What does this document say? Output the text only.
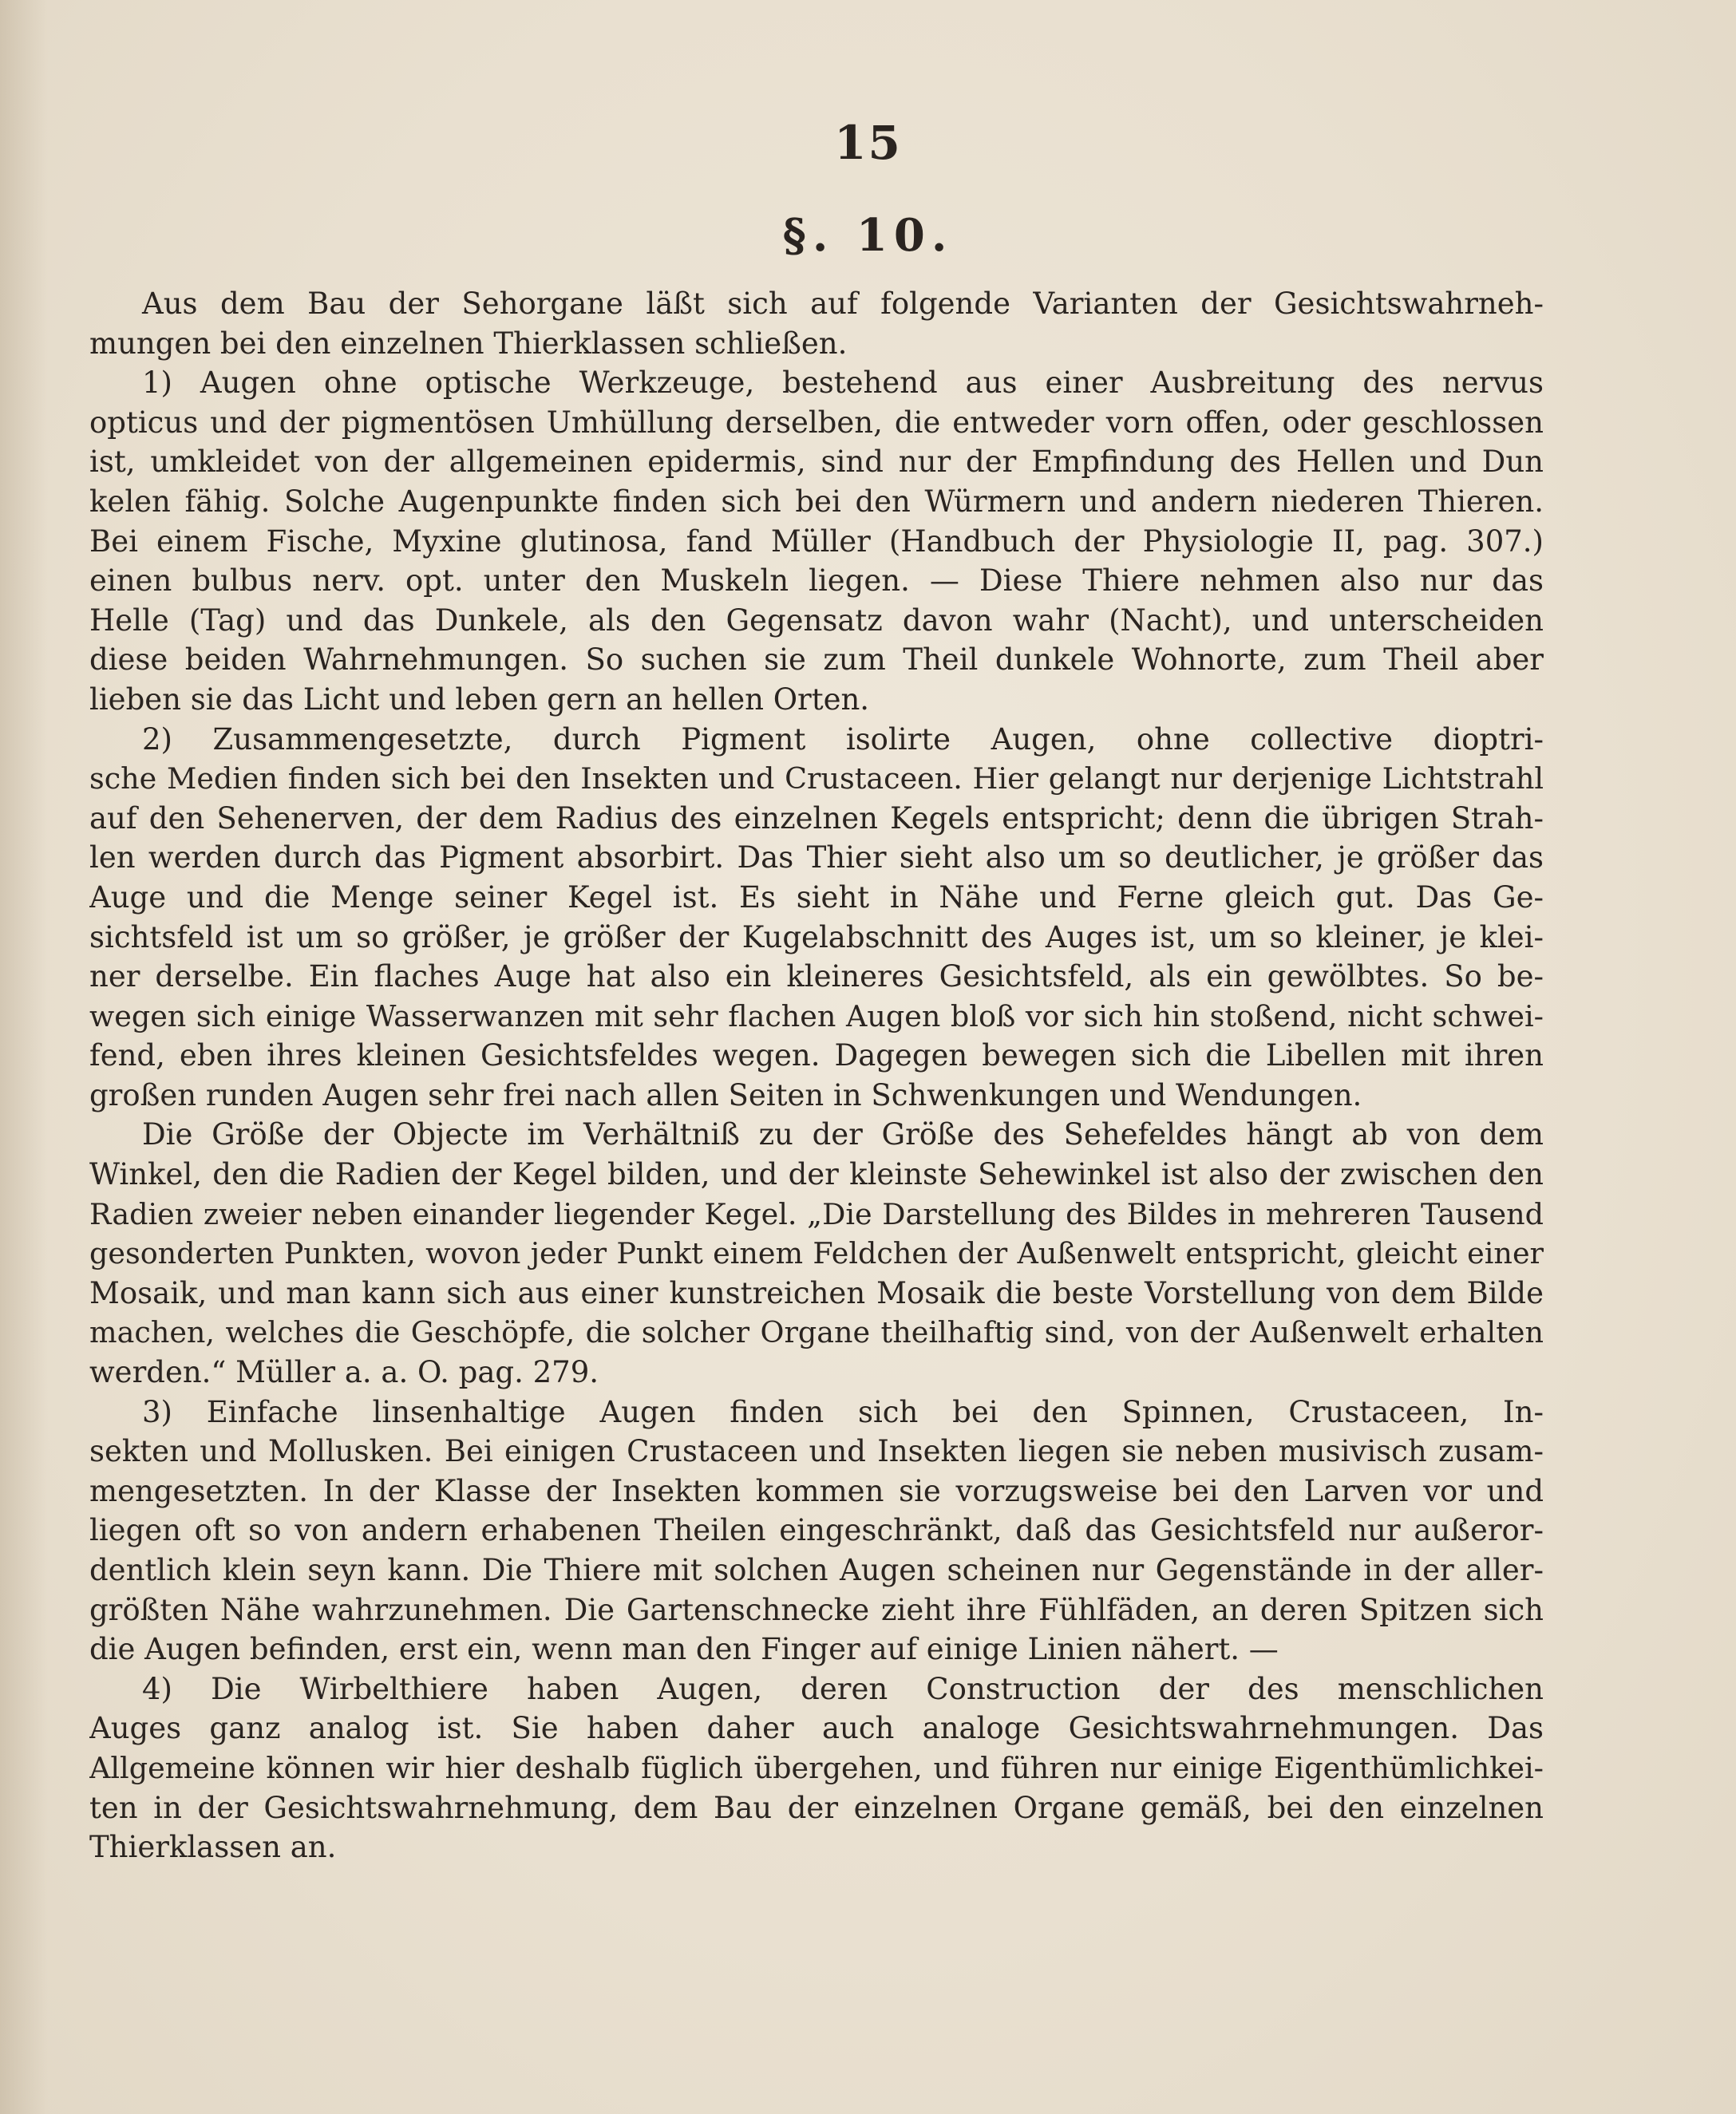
15
§. 10.
Aus dem Bau der Sehorgane läßt sich auf folgende Varianten der Gesichtswahrneh-
mungen bei den einzelnen Thierklassen schließen.
1) Augen ohne optische Werkzeuge, bestehend aus einer Ausbreitung des nervus
opticus und der pigmentösen Umhüllung derselben, die entweder vorn offen, oder geschlossen
ist, umkleidet von der allgemeinen epidermis, sind nur der Empfindung des Hellen und Dun
kelen fähig. Solche Augenpunkte finden sich bei den Würmern und andern niederen Thieren.
Bei einem Fische, Myxine glutinosa, fand Müller (Handbuch der Physiologie II, pag. 307.)
einen bulbus nerv. opt. unter den Muskeln liegen. — Diese Thiere nehmen also nur das
Helle (Tag) und das Dunkele, als den Gegensatz davon wahr (Nacht), und unterscheiden
diese beiden Wahrnehmungen. So suchen sie zum Theil dunkele Wohnorte, zum Theil aber
lieben sie das Licht und leben gern an hellen Orten.
2) Zusammengesetzte, durch Pigment isolirte Augen, ohne collective dioptri-
sche Medien finden sich bei den Insekten und Crustaceen. Hier gelangt nur derjenige Lichtstrahl
auf den Sehenerven, der dem Radius des einzelnen Kegels entspricht; denn die übrigen Strah-
len werden durch das Pigment absorbirt. Das Thier sieht also um so deutlicher, je größer das
Auge und die Menge seiner Kegel ist. Es sieht in Nähe und Ferne gleich gut. Das Ge-
sichtsfeld ist um so größer, je größer der Kugelabschnitt des Auges ist, um so kleiner, je klei-
ner derselbe. Ein flaches Auge hat also ein kleineres Gesichtsfeld, als ein gewölbtes. So be-
wegen sich einige Wasserwanzen mit sehr flachen Augen bloß vor sich hin stoßend, nicht schwei-
fend, eben ihres kleinen Gesichtsfeldes wegen. Dagegen bewegen sich die Libellen mit ihren
großen runden Augen sehr frei nach allen Seiten in Schwenkungen und Wendungen.
Die Größe der Objecte im Verhältniß zu der Größe des Sehefeldes hängt ab von dem
Winkel, den die Radien der Kegel bilden, und der kleinste Sehewinkel ist also der zwischen den
Radien zweier neben einander liegender Kegel. „Die Darstellung des Bildes in mehreren Tausend
gesonderten Punkten, wovon jeder Punkt einem Feldchen der Außenwelt entspricht, gleicht einer
Mosaik, und man kann sich aus einer kunstreichen Mosaik die beste Vorstellung von dem Bilde
machen, welches die Geschöpfe, die solcher Organe theilhaftig sind, von der Außenwelt erhalten
werden.“ Müller a. a. O. pag. 279.
3) Einfache linsenhaltige Augen finden sich bei den Spinnen, Crustaceen, In-
sekten und Mollusken. Bei einigen Crustaceen und Insekten liegen sie neben musivisch zusam-
mengesetzten. In der Klasse der Insekten kommen sie vorzugsweise bei den Larven vor und
liegen oft so von andern erhabenen Theilen eingeschränkt, daß das Gesichtsfeld nur außeror-
dentlich klein seyn kann. Die Thiere mit solchen Augen scheinen nur Gegenstände in der aller-
größten Nähe wahrzunehmen. Die Gartenschnecke zieht ihre Fühlfäden, an deren Spitzen sich
die Augen befinden, erst ein, wenn man den Finger auf einige Linien nähert. —
4) Die Wirbelthiere haben Augen, deren Construction der des menschlichen
Auges ganz analog ist. Sie haben daher auch analoge Gesichtswahrnehmungen. Das
Allgemeine können wir hier deshalb füglich übergehen, und führen nur einige Eigenthümlichkei-
ten in der Gesichtswahrnehmung, dem Bau der einzelnen Organe gemäß, bei den einzelnen
Thierklassen an.
